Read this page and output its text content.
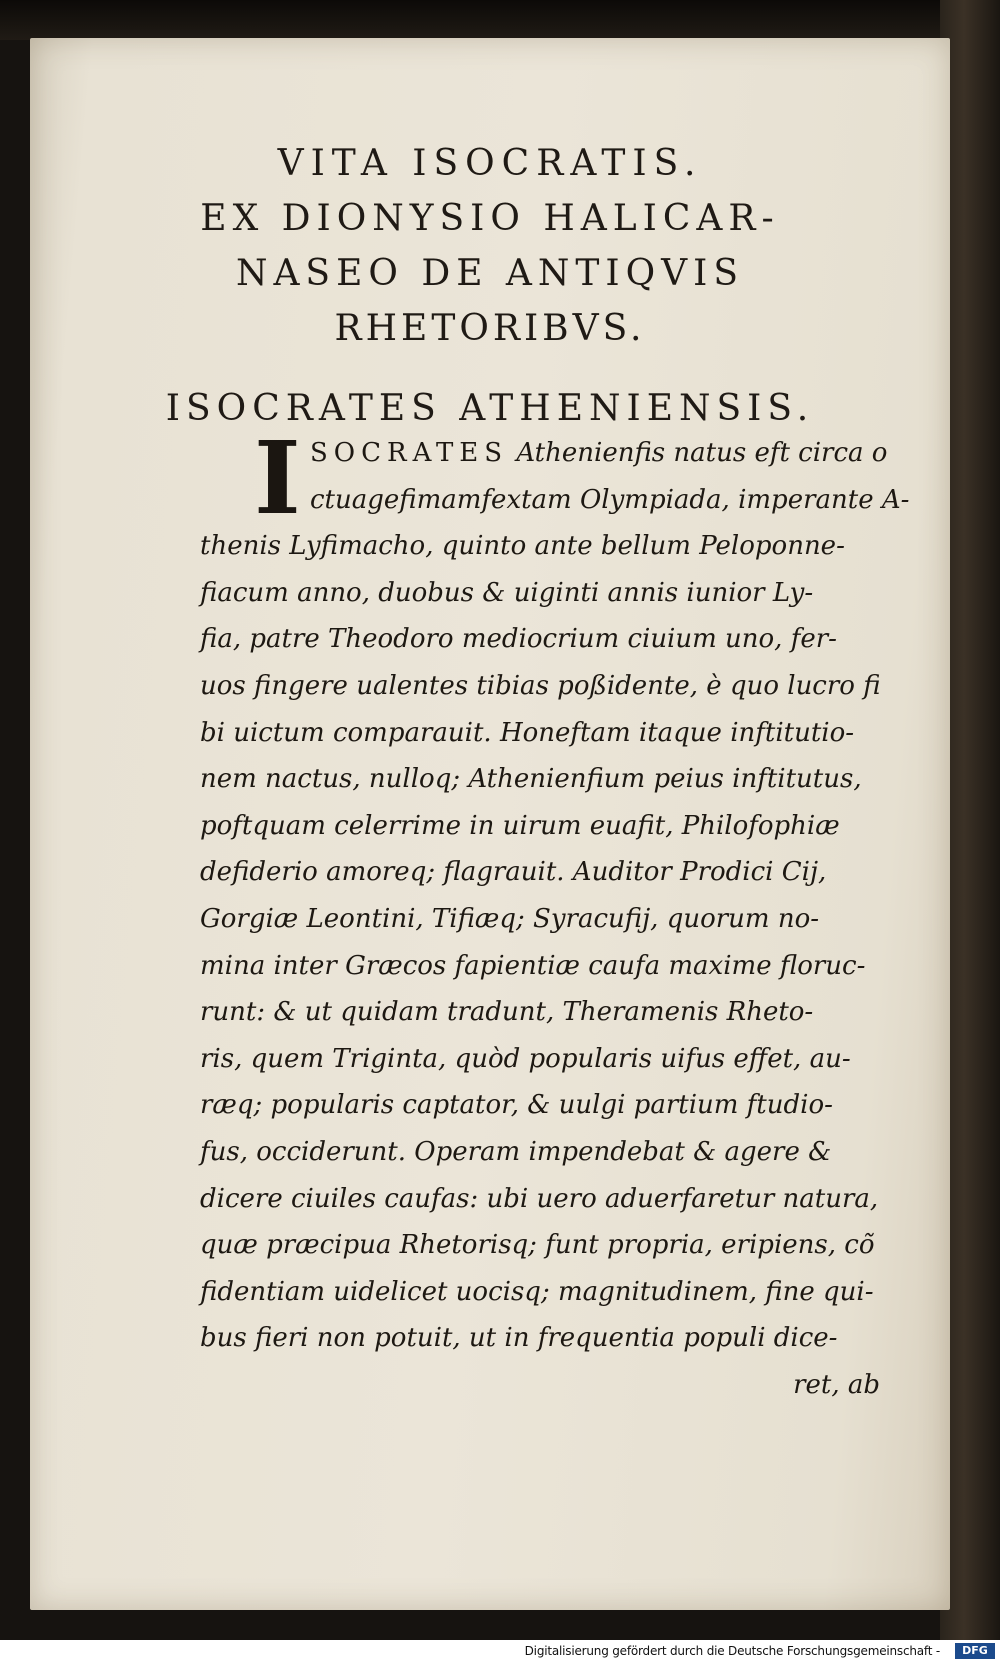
VITA ISOCRATIS.
EX DIONYSIO HALICAR-
NASEO DE ANTIQVIS
RHETORIBVS.
ISOCRATES ATHENIENSIS.
I SOCRATES Athenienfis natus eft circa o
ctuagefimamfextam Olympiada, imperante A-
thenis Lyfimacho, quinto ante bellum Peloponne-
fiacum anno, duobus & uiginti annis iunior Ly-
fia, patre Theodoro mediocrium ciuium uno, fer-
uos fingere ualentes tibias poßidente, è quo lucro fi
bi uictum comparauit. Honeftam itaque inftitutio-
nem nactus, nulloq; Athenienfium peius inftitutus,
poftquam celerrime in uirum euafit, Philofophiæ
defiderio amoreq; flagrauit. Auditor Prodici Cij,
Gorgiæ Leontini, Tifiæq; Syracufij, quorum no-
mina inter Græcos fapientiæ caufa maxime floruc-
runt: & ut quidam tradunt, Theramenis Rheto-
ris, quem Triginta, quòd popularis uifus effet, au-
ræq; popularis captator, & uulgi partium ftudio-
fus, occiderunt. Operam impendebat & agere &
dicere ciuiles caufas: ubi uero aduerfaretur natura,
quæ præcipua Rhetorisq; funt propria, eripiens, cõ
fidentiam uidelicet uocisq; magnitudinem, fine qui-
bus fieri non potuit, ut in frequentia populi dice-
ret, ab
Digitalisierung gefördert durch die Deutsche Forschungsgemeinschaft -	DFG
